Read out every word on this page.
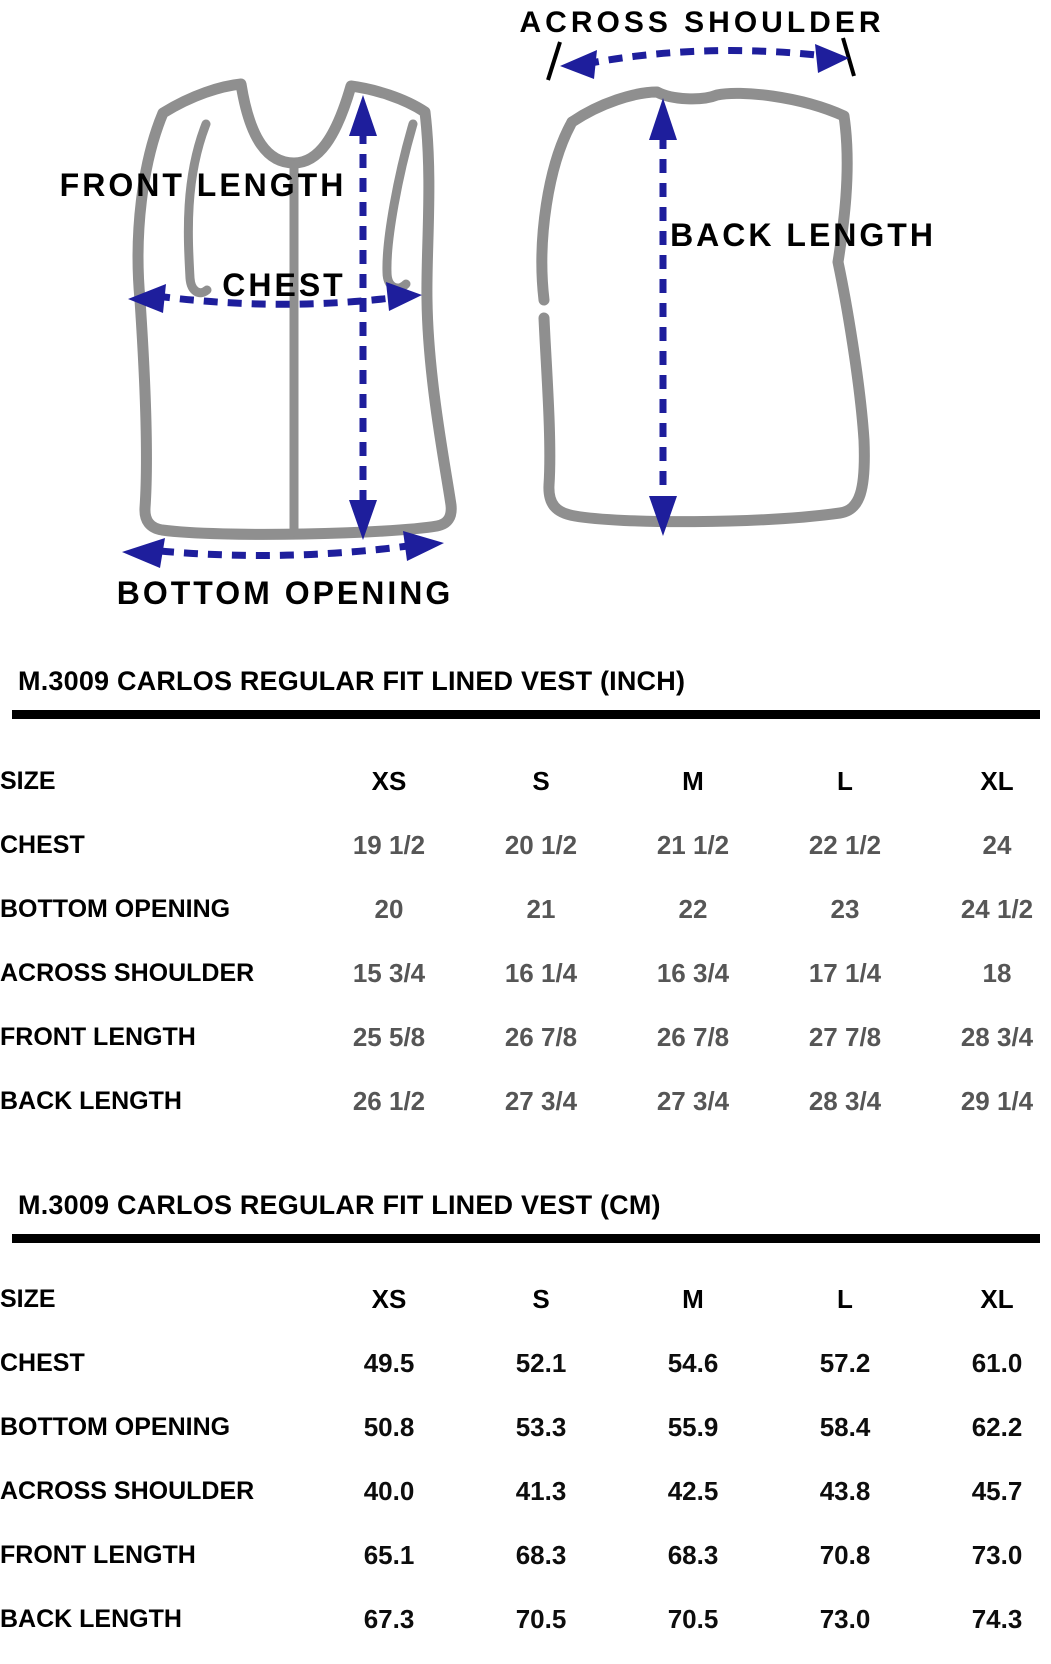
ACROSS SHOULDER
FRONT LENGTH
CHEST
BACK LENGTH
BOTTOM OPENING
M.3009 CARLOS REGULAR FIT LINED VEST (INCH)
SIZE	XS	S	M	L	XL
CHEST	19 1/2	20 1/2	21 1/2	22 1/2	24
BOTTOM OPENING	20	21	22	23	24 1/2
ACROSS SHOULDER	15 3/4	16 1/4	16 3/4	17 1/4	18
FRONT LENGTH	25 5/8	26 7/8	26 7/8	27 7/8	28 3/4
BACK LENGTH	26 1/2	27 3/4	27 3/4	28 3/4	29 1/4
M.3009 CARLOS REGULAR FIT LINED VEST (CM)
SIZE	XS	S	M	L	XL
CHEST	49.5	52.1	54.6	57.2	61.0
BOTTOM OPENING	50.8	53.3	55.9	58.4	62.2
ACROSS SHOULDER	40.0	41.3	42.5	43.8	45.7
FRONT LENGTH	65.1	68.3	68.3	70.8	73.0
BACK LENGTH	67.3	70.5	70.5	73.0	74.3
